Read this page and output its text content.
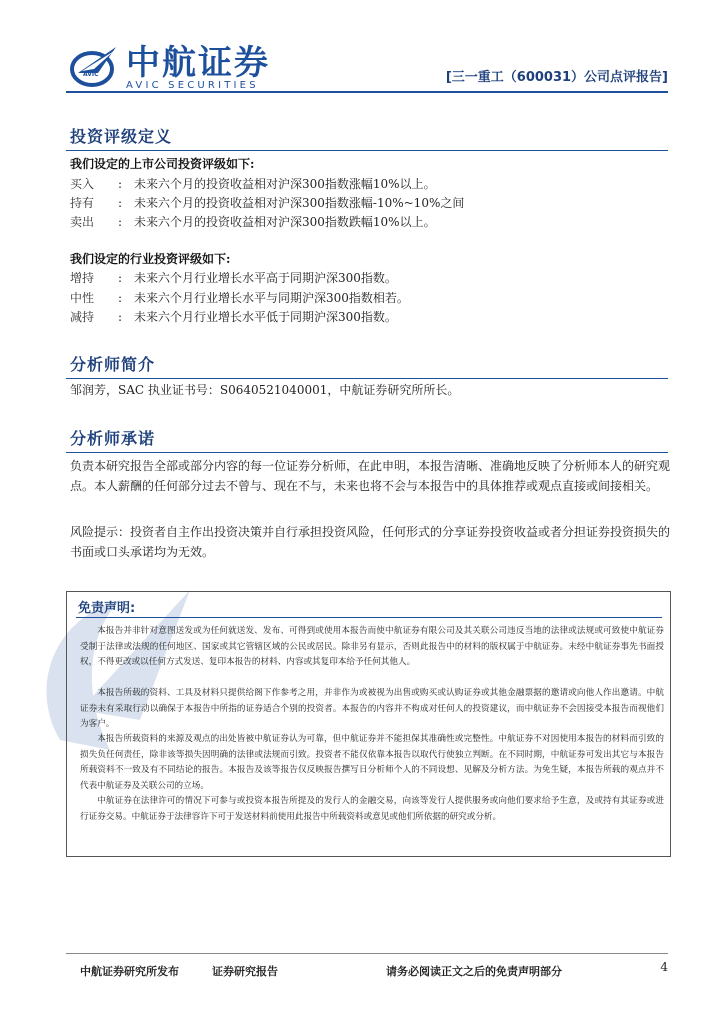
AVIC 中航证券
AVIC SECURITIES
[三一重工（600031）公司点评报告]
投资评级定义
我们设定的上市公司投资评级如下:
买入 : 未来六个月的投资收益相对沪深300指数涨幅10%以上。
持有 : 未来六个月的投资收益相对沪深300指数涨幅-10%~10%之间
卖出 : 未来六个月的投资收益相对沪深300指数跌幅10%以上。
我们设定的行业投资评级如下:
增持 : 未来六个月行业增长水平高于同期沪深300指数。
中性 : 未来六个月行业增长水平与同期沪深300指数相若。
减持 : 未来六个月行业增长水平低于同期沪深300指数。
分析师简介
邹润芳，SAC 执业证书号：S0640521040001，中航证券研究所所长。
分析师承诺
负责本研究报告全部或部分内容的每一位证券分析师，在此申明，本报告清晰、准确地反映了分析师本人的研究观点。本人薪酬的任何部分过去不曾与、现在不与，未来也将不会与本报告中的具体推荐或观点直接或间接相关。
风险提示：投资者自主作出投资决策并自行承担投资风险，任何形式的分享证券投资收益或者分担证券投资损失的书面或口头承诺均为无效。
免责声明:
本报告并非针对意图送发或为任何就送发、发布、可得到或使用本报告而使中航证券有限公司及其关联公司违反当地的法律或法规或可致使中航证券受制于法律或法规的任何地区、国家或其它管辖区域的公民或居民。除非另有显示，否则此报告中的材料的版权属于中航证券。未经中航证券事先书面授权，不得更改或以任何方式发送、复印本报告的材料、内容或其复印本给予任何其他人。
本报告所载的资料、工具及材料只提供给阁下作参考之用，并非作为或被视为出售或购买或认购证券或其他金融票据的邀请或向他人作出邀请。中航证券未有采取行动以确保于本报告中所指的证券适合个别的投资者。本报告的内容并不构成对任何人的投资建议，而中航证券不会因接受本报告而视他们为客户。
本报告所载资料的来源及观点的出处皆被中航证券认为可靠，但中航证券并不能担保其准确性或完整性。中航证券不对因使用本报告的材料而引致的损失负任何责任，除非该等损失因明确的法律或法规而引致。投资者不能仅依靠本报告以取代行使独立判断。在不同时期，中航证券可发出其它与本报告所载资料不一致及有不同结论的报告。本报告及该等报告仅反映报告撰写日分析师个人的不同设想、见解及分析方法。为免生疑，本报告所载的观点并不代表中航证券及关联公司的立场。
中航证券在法律许可的情况下可参与或投资本报告所提及的发行人的金融交易，向该等发行人提供服务或向他们要求给予生意，及或持有其证券或进行证券交易。中航证券于法律容许下可于发送材料前使用此报告中所载资料或意见或他们所依据的研究或分析。
中航证券研究所发布	证券研究报告	请务必阅读正文之后的免责声明部分	4
